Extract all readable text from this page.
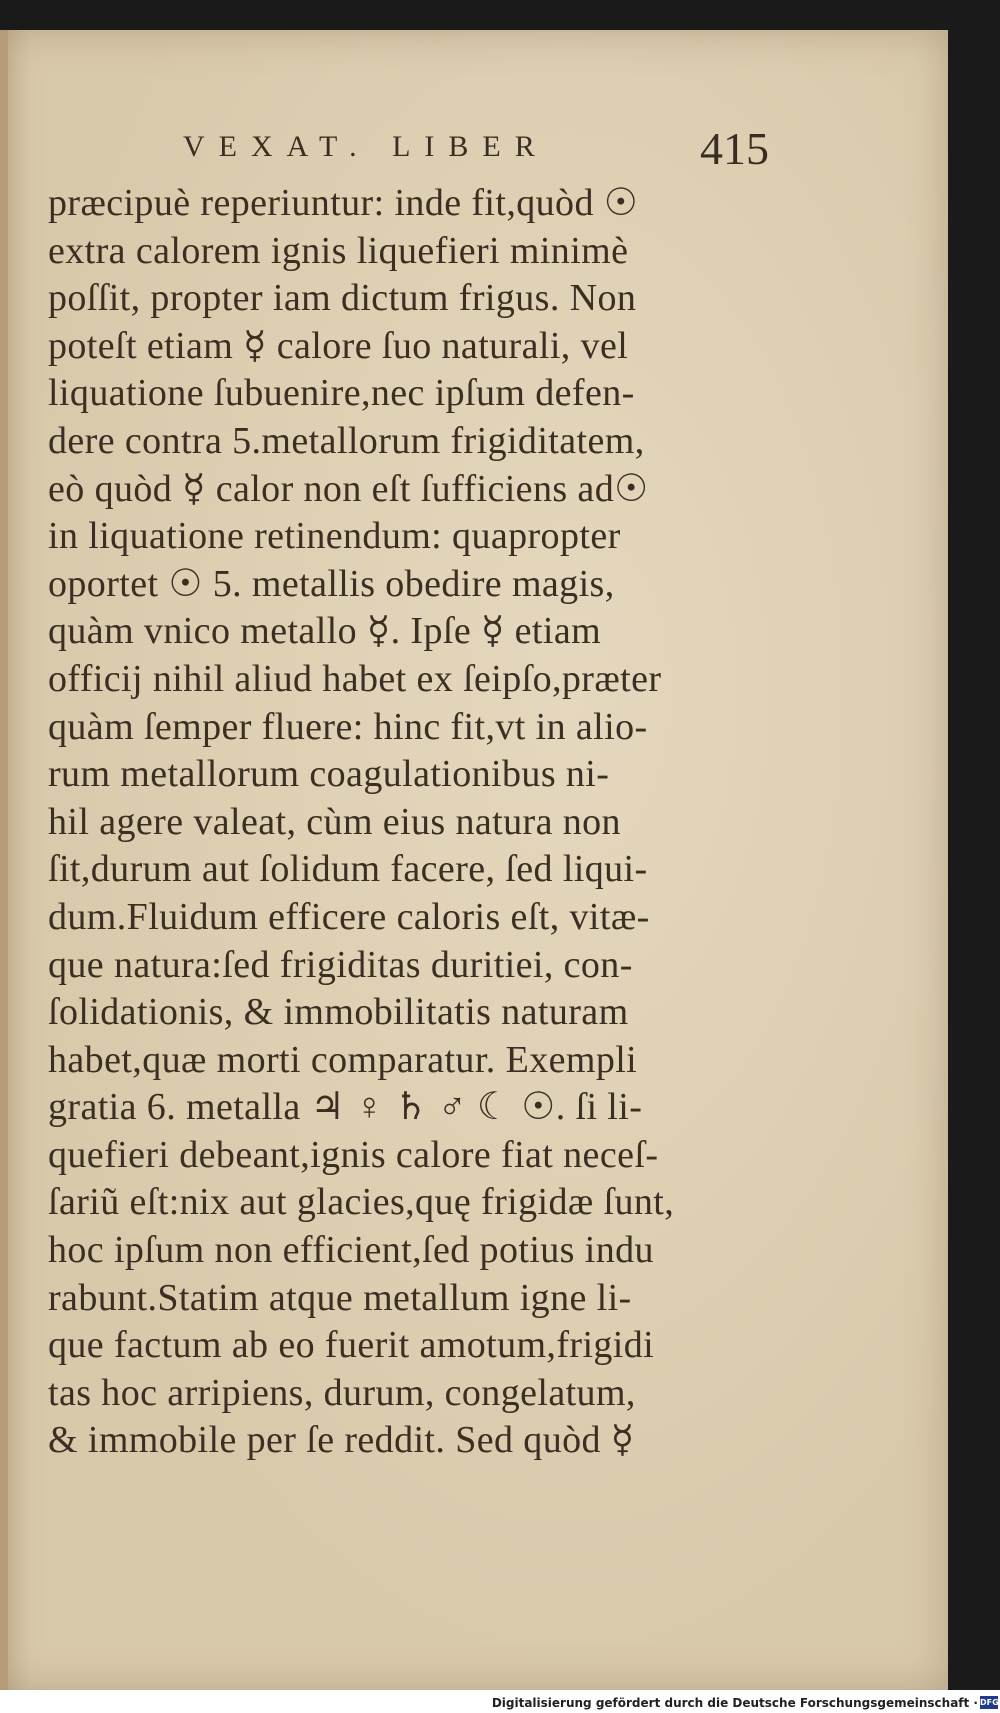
VEXAT. LIBER	415
præcipuè reperiuntur: inde fit,quòd ☉
extra calorem ignis liquefieri minimè
poſſit, propter iam dictum frigus. Non
poteſt etiam ☿ calore ſuo naturali, vel
liquatione ſubuenire,nec ipſum defen-
dere contra 5.metallorum frigiditatem,
eò quòd ☿ calor non eſt ſufficiens ad☉
in liquatione retinendum: quapropter
oportet ☉ 5. metallis obedire magis,
quàm vnico metallo ☿. Ipſe ☿ etiam
officij nihil aliud habet ex ſeipſo,præter
quàm ſemper fluere: hinc fit,vt in alio-
rum metallorum coagulationibus ni-
hil agere valeat, cùm eius natura non
ſit,durum aut ſolidum facere, ſed liqui-
dum.Fluidum efficere caloris eſt, vitæ-
que natura:ſed frigiditas duritiei, con-
ſolidationis, & immobilitatis naturam
habet,quæ morti comparatur. Exempli
gratia 6. metalla ♃ ♀ ♄ ♂ ☾ ☉. ſi li-
quefieri debeant,ignis calore fiat neceſ-
ſariũ eſt:nix aut glacies,quę frigidæ ſunt,
hoc ipſum non efficient,ſed potius indu
rabunt.Statim atque metallum igne li-
que factum ab eo fuerit amotum,frigidi
tas hoc arripiens, durum, congelatum,
& immobile per ſe reddit. Sed quòd ☿
Digitalisierung gefördert durch die Deutsche Forschungsgemeinschaft · DFG
